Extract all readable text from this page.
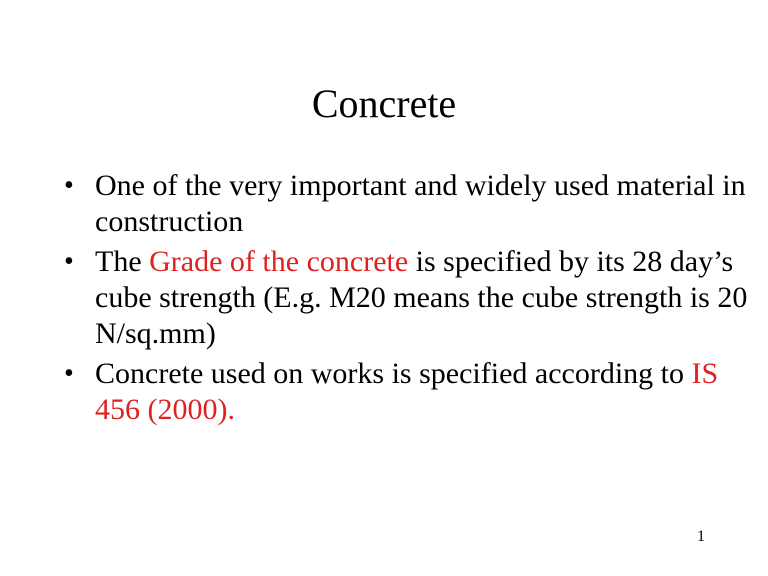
Concrete
• One of the very important and widely used material in construction
• The Grade of the concrete is specified by its 28 day’s cube strength (E.g. M20 means the cube strength is 20 N/sq.mm)
• Concrete used on works is specified according to IS 456 (2000).
1
